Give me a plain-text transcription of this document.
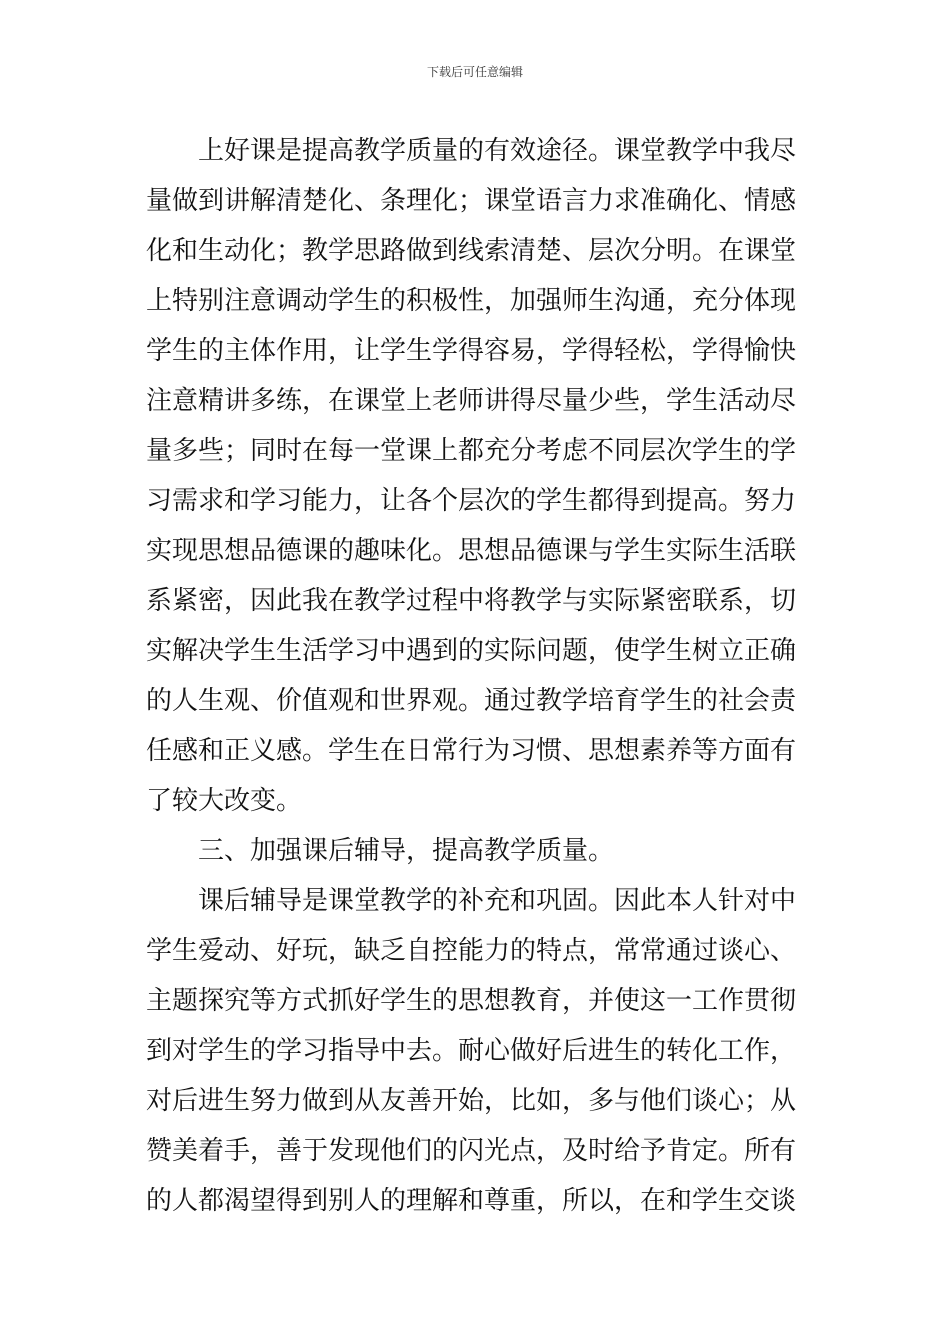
下载后可任意编辑
上好课是提高教学质量的有效途径。课堂教学中我尽
量做到讲解清楚化、条理化；课堂语言力求准确化、情感
化和生动化；教学思路做到线索清楚、层次分明。在课堂
上特别注意调动学生的积极性，加强师生沟通，充分体现
学生的主体作用，让学生学得容易，学得轻松，学得愉快
注意精讲多练，在课堂上老师讲得尽量少些，学生活动尽
量多些；同时在每一堂课上都充分考虑不同层次学生的学
习需求和学习能力，让各个层次的学生都得到提高。努力
实现思想品德课的趣味化。思想品德课与学生实际生活联
系紧密，因此我在教学过程中将教学与实际紧密联系，切
实解决学生生活学习中遇到的实际问题，使学生树立正确
的人生观、价值观和世界观。通过教学培育学生的社会责
任感和正义感。学生在日常行为习惯、思想素养等方面有
了较大改变。
三、加强课后辅导，提高教学质量。
课后辅导是课堂教学的补充和巩固。因此本人针对中
学生爱动、好玩，缺乏自控能力的特点，常常通过谈心、
主题探究等方式抓好学生的思想教育，并使这一工作贯彻
到对学生的学习指导中去。耐心做好后进生的转化工作，
对后进生努力做到从友善开始，比如，多与他们谈心；从
赞美着手，善于发现他们的闪光点，及时给予肯定。所有
的人都渴望得到别人的理解和尊重，所以，在和学生交谈
